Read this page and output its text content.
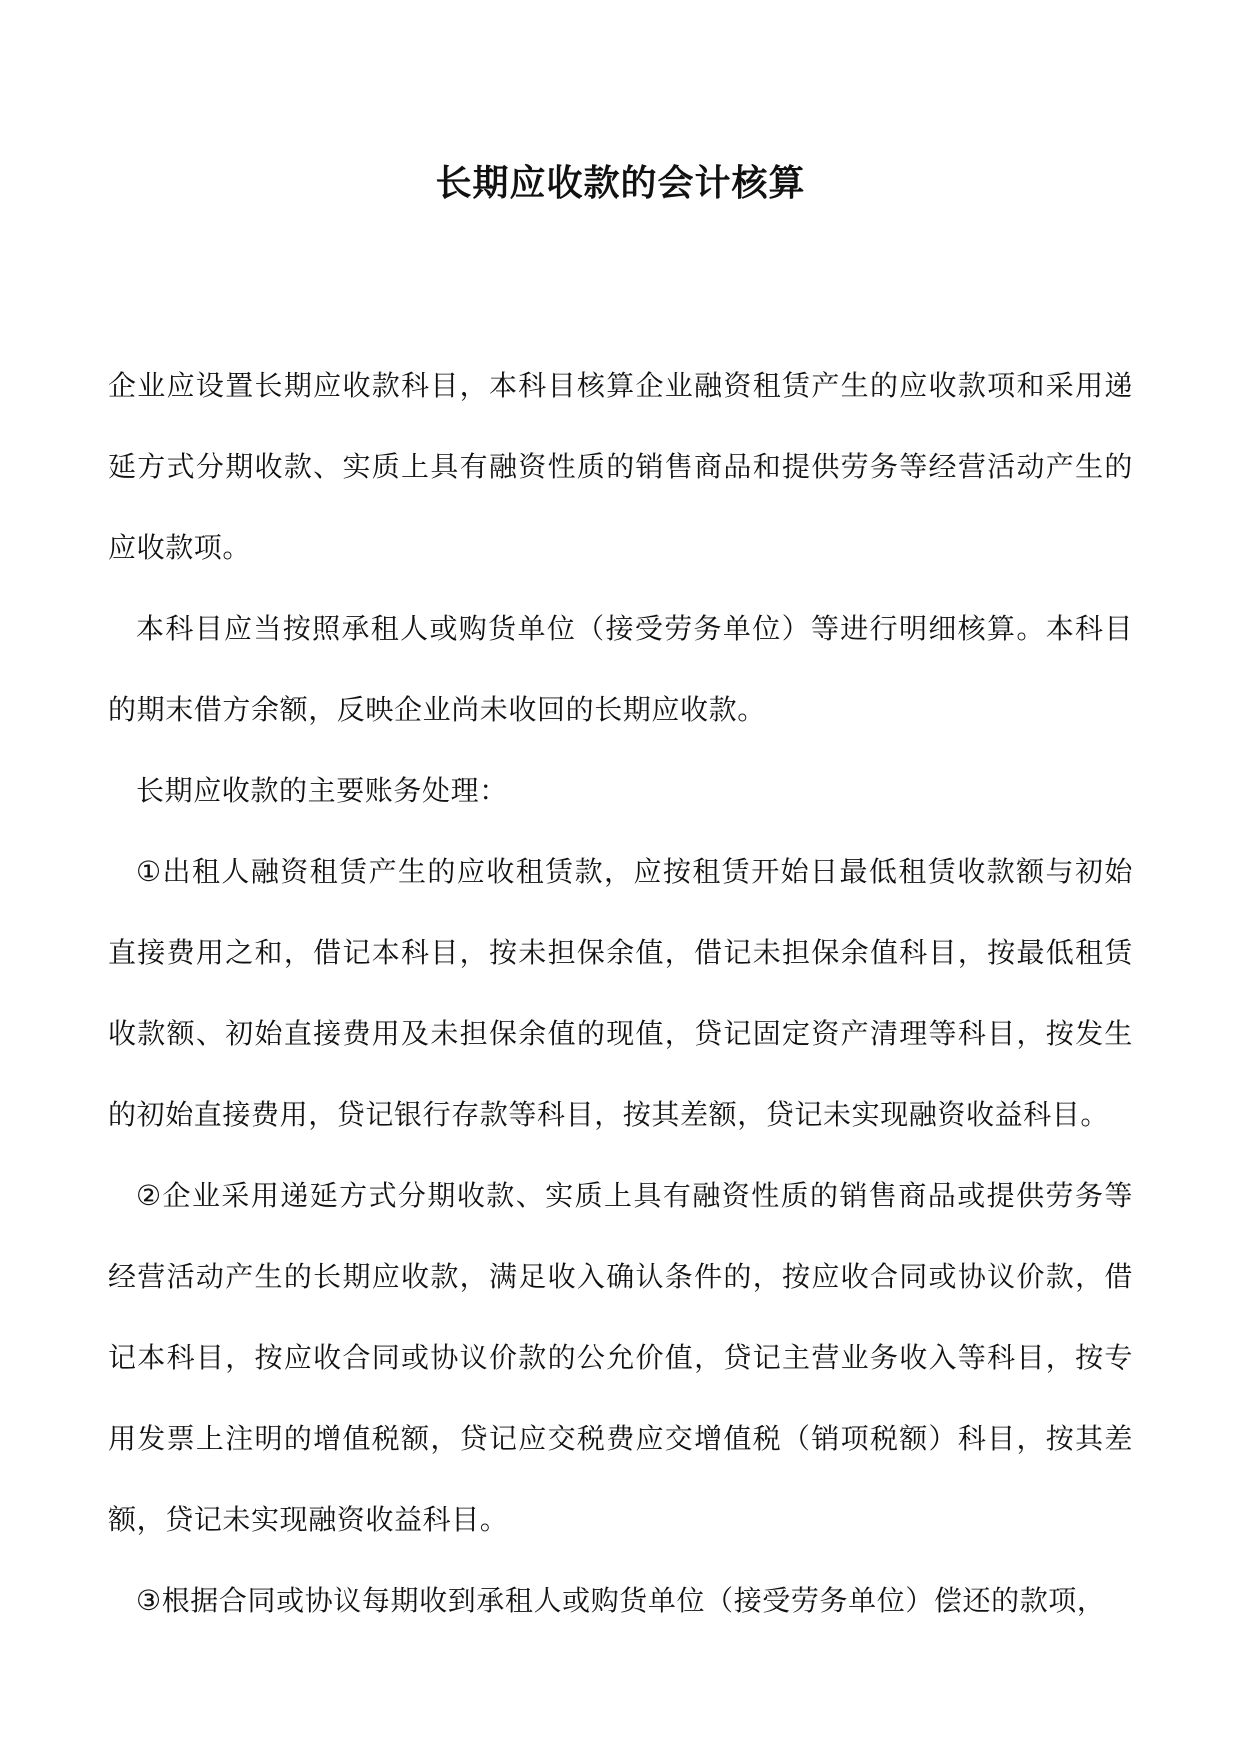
长期应收款的会计核算

企业应设置长期应收款科目，本科目核算企业融资租赁产生的应收款项和采用递延方式分期收款、实质上具有融资性质的销售商品和提供劳务等经营活动产生的应收款项。

本科目应当按照承租人或购货单位（接受劳务单位）等进行明细核算。本科目的期末借方余额，反映企业尚未收回的长期应收款。

长期应收款的主要账务处理：

①出租人融资租赁产生的应收租赁款，应按租赁开始日最低租赁收款额与初始直接费用之和，借记本科目，按未担保余值，借记未担保余值科目，按最低租赁收款额、初始直接费用及未担保余值的现值，贷记固定资产清理等科目，按发生的初始直接费用，贷记银行存款等科目，按其差额，贷记未实现融资收益科目。

②企业采用递延方式分期收款、实质上具有融资性质的销售商品或提供劳务等经营活动产生的长期应收款，满足收入确认条件的，按应收合同或协议价款，借记本科目，按应收合同或协议价款的公允价值，贷记主营业务收入等科目，按专用发票上注明的增值税额，贷记应交税费应交增值税（销项税额）科目，按其差额，贷记未实现融资收益科目。

③根据合同或协议每期收到承租人或购货单位（接受劳务单位）偿还的款项，
